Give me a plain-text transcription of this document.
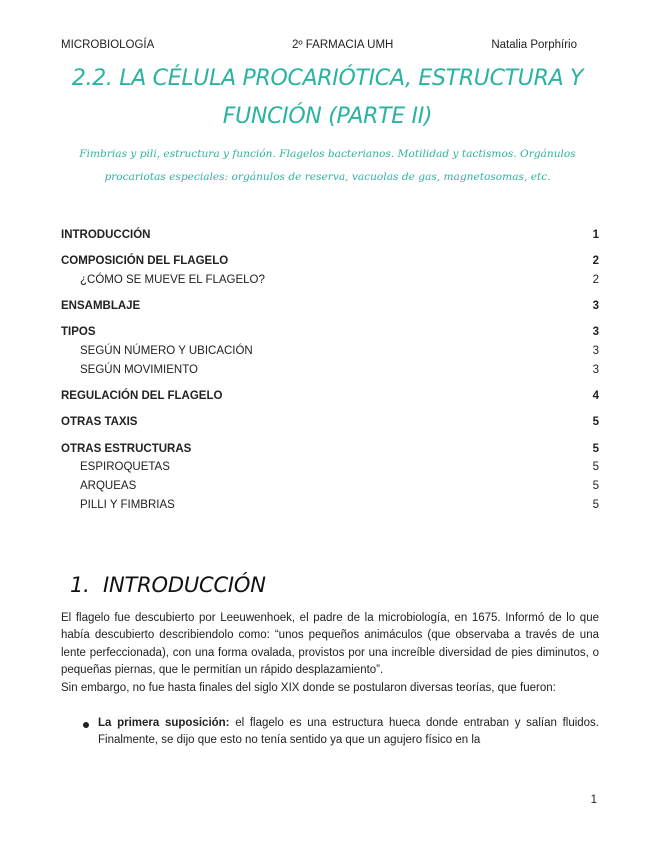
MICROBIOLOGÍA	2º FARMACIA UMH	Natalia Porphírio
2.2. LA CÉLULA PROCARIÓTICA, ESTRUCTURA Y
FUNCIÓN (PARTE II)
Fimbrias y pili, estructura y función. Flagelos bacterianos. Motilidad y tactismos. Orgánulos
procariotas especiales: orgánulos de reserva, vacuolas de gas, magnetosomas, etc.
INTRODUCCIÓN	1
COMPOSICIÓN DEL FLAGELO	2
¿CÓMO SE MUEVE EL FLAGELO?	2
ENSAMBLAJE	3
TIPOS	3
SEGÚN NÚMERO Y UBICACIÓN	3
SEGÚN MOVIMIENTO	3
REGULACIÓN DEL FLAGELO	4
OTRAS TAXIS	5
OTRAS ESTRUCTURAS	5
ESPIROQUETAS	5
ARQUEAS	5
PILLI Y FIMBRIAS	5
1. INTRODUCCIÓN
El flagelo fue descubierto por Leeuwenhoek, el padre de la microbiología, en 1675. Informó de lo que había descubierto describiendolo como: “unos pequeños animáculos (que observaba a través de una lente perfeccionada), con una forma ovalada, provistos por una increíble diversidad de pies diminutos, o pequeñas piernas, que le permitían un rápido desplazamiento”.
Sin embargo, no fue hasta finales del siglo XIX donde se postularon diversas teorías, que fueron:
La primera suposición: el flagelo es una estructura hueca donde entraban y salían fluidos. Finalmente, se dijo que esto no tenía sentido ya que un agujero físico en la
1
